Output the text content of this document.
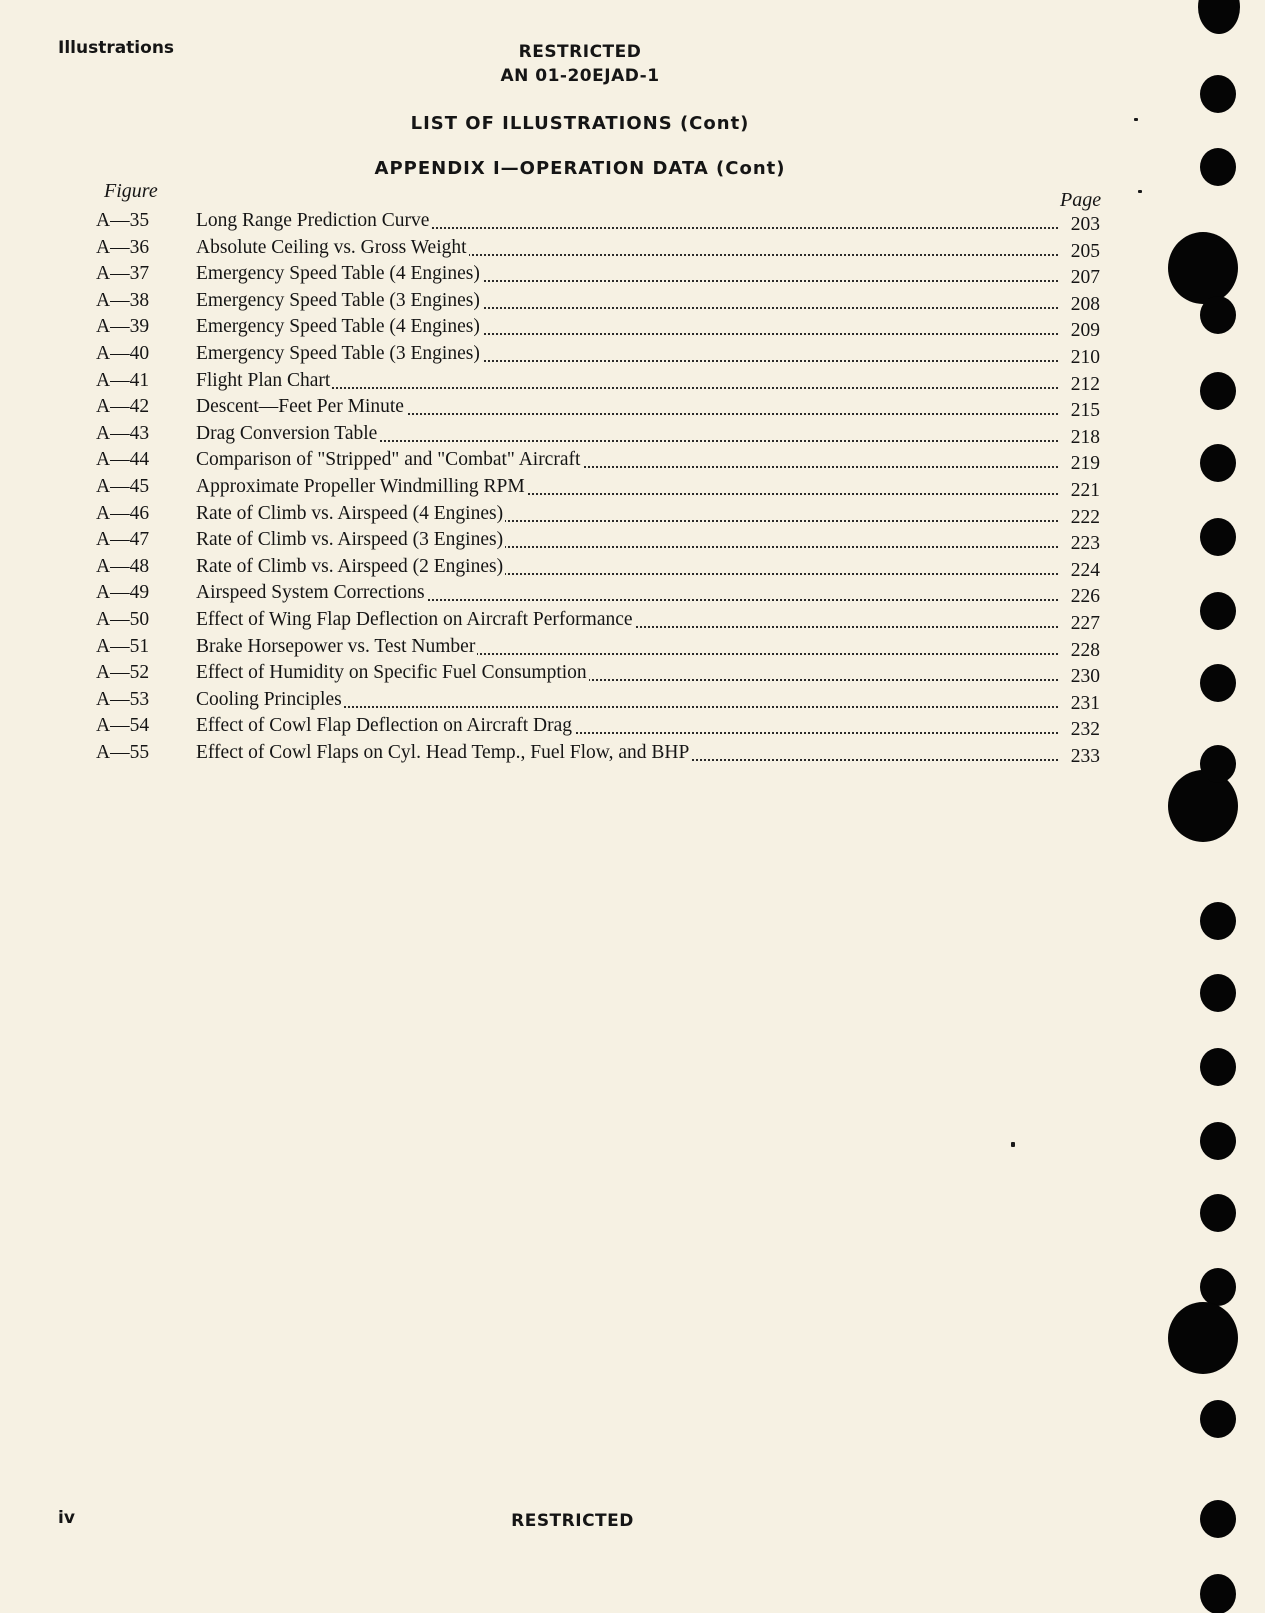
Illustrations	RESTRICTED
AN 01-20EJAD-1
LIST OF ILLUSTRATIONS (Cont)
APPENDIX I—OPERATION DATA (Cont)
Figure	Page
A—35	Long Range Prediction Curve	203
A—36	Absolute Ceiling vs. Gross Weight	205
A—37	Emergency Speed Table (4 Engines)	207
A—38	Emergency Speed Table (3 Engines)	208
A—39	Emergency Speed Table (4 Engines)	209
A—40	Emergency Speed Table (3 Engines)	210
A—41	Flight Plan Chart	212
A—42	Descent—Feet Per Minute	215
A—43	Drag Conversion Table	218
A—44	Comparison of "Stripped" and "Combat" Aircraft	219
A—45	Approximate Propeller Windmilling RPM	221
A—46	Rate of Climb vs. Airspeed (4 Engines)	222
A—47	Rate of Climb vs. Airspeed (3 Engines)	223
A—48	Rate of Climb vs. Airspeed (2 Engines)	224
A—49	Airspeed System Corrections	226
A—50	Effect of Wing Flap Deflection on Aircraft Performance	227
A—51	Brake Horsepower vs. Test Number	228
A—52	Effect of Humidity on Specific Fuel Consumption	230
A—53	Cooling Principles	231
A—54	Effect of Cowl Flap Deflection on Aircraft Drag	232
A—55	Effect of Cowl Flaps on Cyl. Head Temp., Fuel Flow, and BHP	233
iv	RESTRICTED
